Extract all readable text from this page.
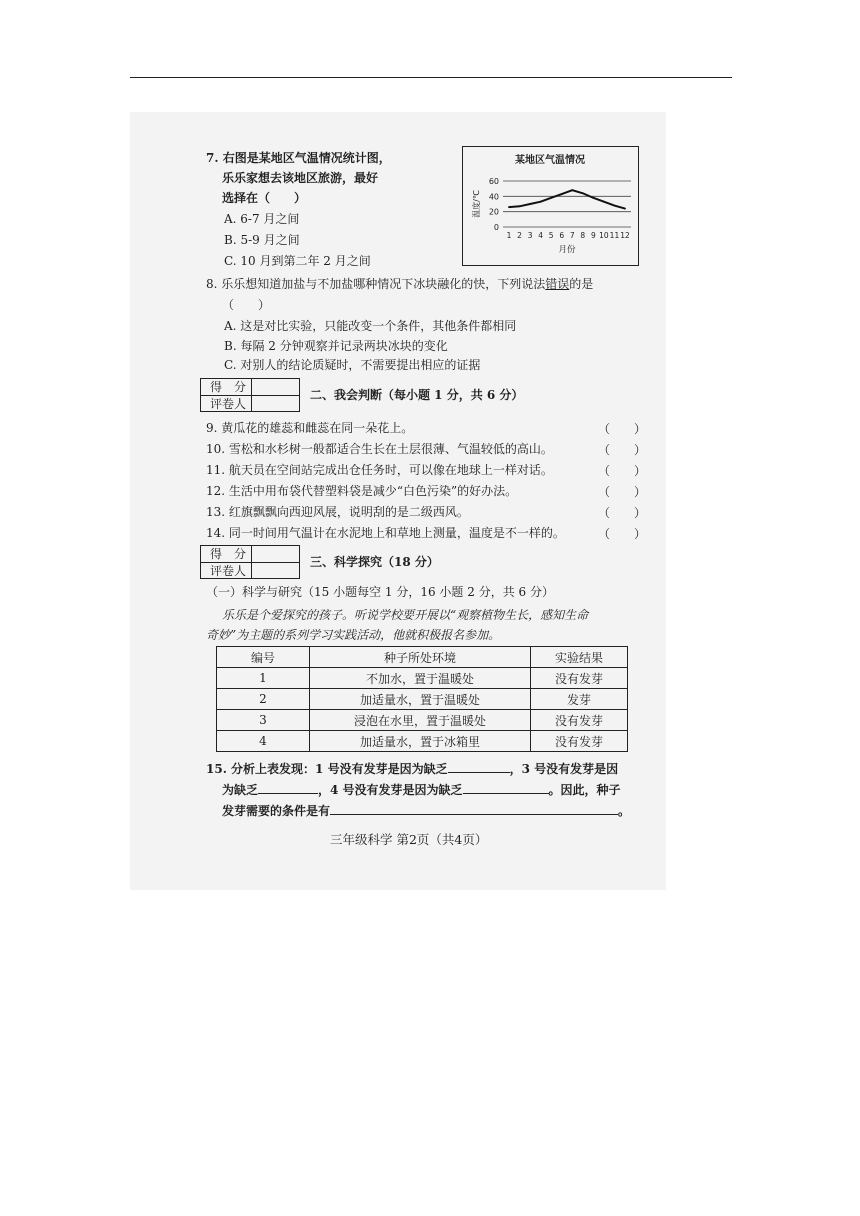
7. 右图是某地区气温情况统计图，
乐乐家想去该地区旅游，最好
选择在（　　）
A. 6-7 月之间
B. 5-9 月之间
C. 10 月到第二年 2 月之间
某地区气温情况
0
20
40
60
温度/℃
1 2 3 4 5 6 7 8 9 10 11 12
月份
8. 乐乐想知道加盐与不加盐哪种情况下冰块融化的快，下列说法错误的是
（　　）
A. 这是对比实验，只能改变一个条件，其他条件都相同
B. 每隔 2 分钟观察并记录两块冰块的变化
C. 对别人的结论质疑时，不需要提出相应的证据
得　分
评卷人
二、我会判断（每小题 1 分，共 6 分）
9. 黄瓜花的雄蕊和雌蕊在同一朵花上。	（　　）
10. 雪松和水杉树一般都适合生长在土层很薄、气温较低的高山。	（　　）
11. 航天员在空间站完成出仓任务时，可以像在地球上一样对话。	（　　）
12. 生活中用布袋代替塑料袋是减少“白色污染”的好办法。	（　　）
13. 红旗飘飘向西迎风展，说明刮的是二级西风。	（　　）
14. 同一时间用气温计在水泥地上和草地上测量，温度是不一样的。	（　　）
得　分
评卷人
三、科学探究（18 分）
（一）科学与研究（15 小题每空 1 分，16 小题 2 分，共 6 分）
乐乐是个爱探究的孩子。听说学校要开展以“观察植物生长，感知生命
奇妙”为主题的系列学习实践活动，他就积极报名参加。
编号	种子所处环境	实验结果
1	不加水，置于温暖处	没有发芽
2	加适量水，置于温暖处	发芽
3	浸泡在水里，置于温暖处	没有发芽
4	加适量水，置于冰箱里	没有发芽
15. 分析上表发现：1 号没有发芽是因为缺乏	，3 号没有发芽是因
为缺乏	，4 号没有发芽是因为缺乏	。因此，种子
发芽需要的条件是有	。
三年级科学 第2页（共4页）
